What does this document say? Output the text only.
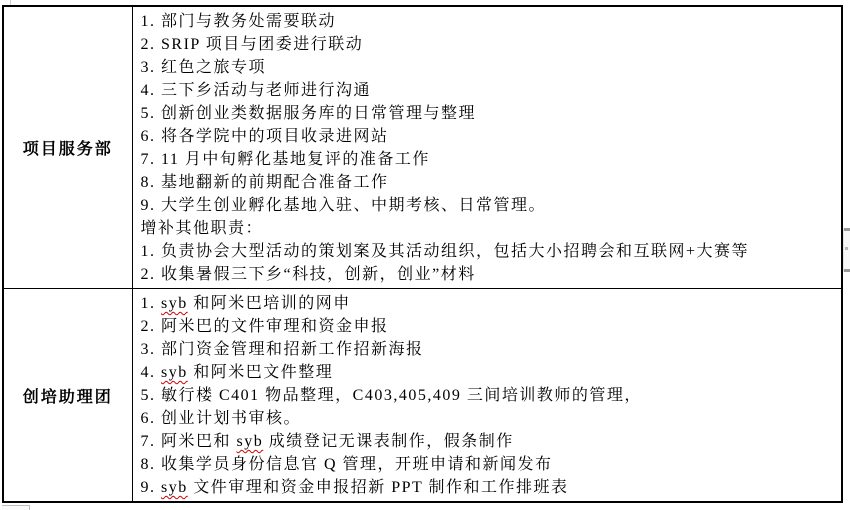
项目服务部	
1. 部门与教务处需要联动
2. SRIP 项目与团委进行联动
3. 红色之旅专项
4. 三下乡活动与老师进行沟通
5. 创新创业类数据服务库的日常管理与整理
6. 将各学院中的项目收录进网站
7. 11 月中旬孵化基地复评的准备工作
8. 基地翻新的前期配合准备工作
9. 大学生创业孵化基地入驻、中期考核、日常管理。
增补其他职责：
1. 负责协会大型活动的策划案及其活动组织，包括大小招聘会和互联网+大赛等
2. 收集暑假三下乡“科技，创新，创业”材料

创培助理团	
1. syb 和阿米巴培训的网申
2. 阿米巴的文件审理和资金申报
3. 部门资金管理和招新工作招新海报
4. syb 和阿米巴文件整理
5. 敏行楼 C401 物品整理，C403,405,409 三间培训教师的管理，
6. 创业计划书审核。
7. 阿米巴和 syb 成绩登记无课表制作，假条制作
8. 收集学员身份信息官 Q 管理，开班申请和新闻发布
9. syb 文件审理和资金申报招新 PPT 制作和工作排班表
